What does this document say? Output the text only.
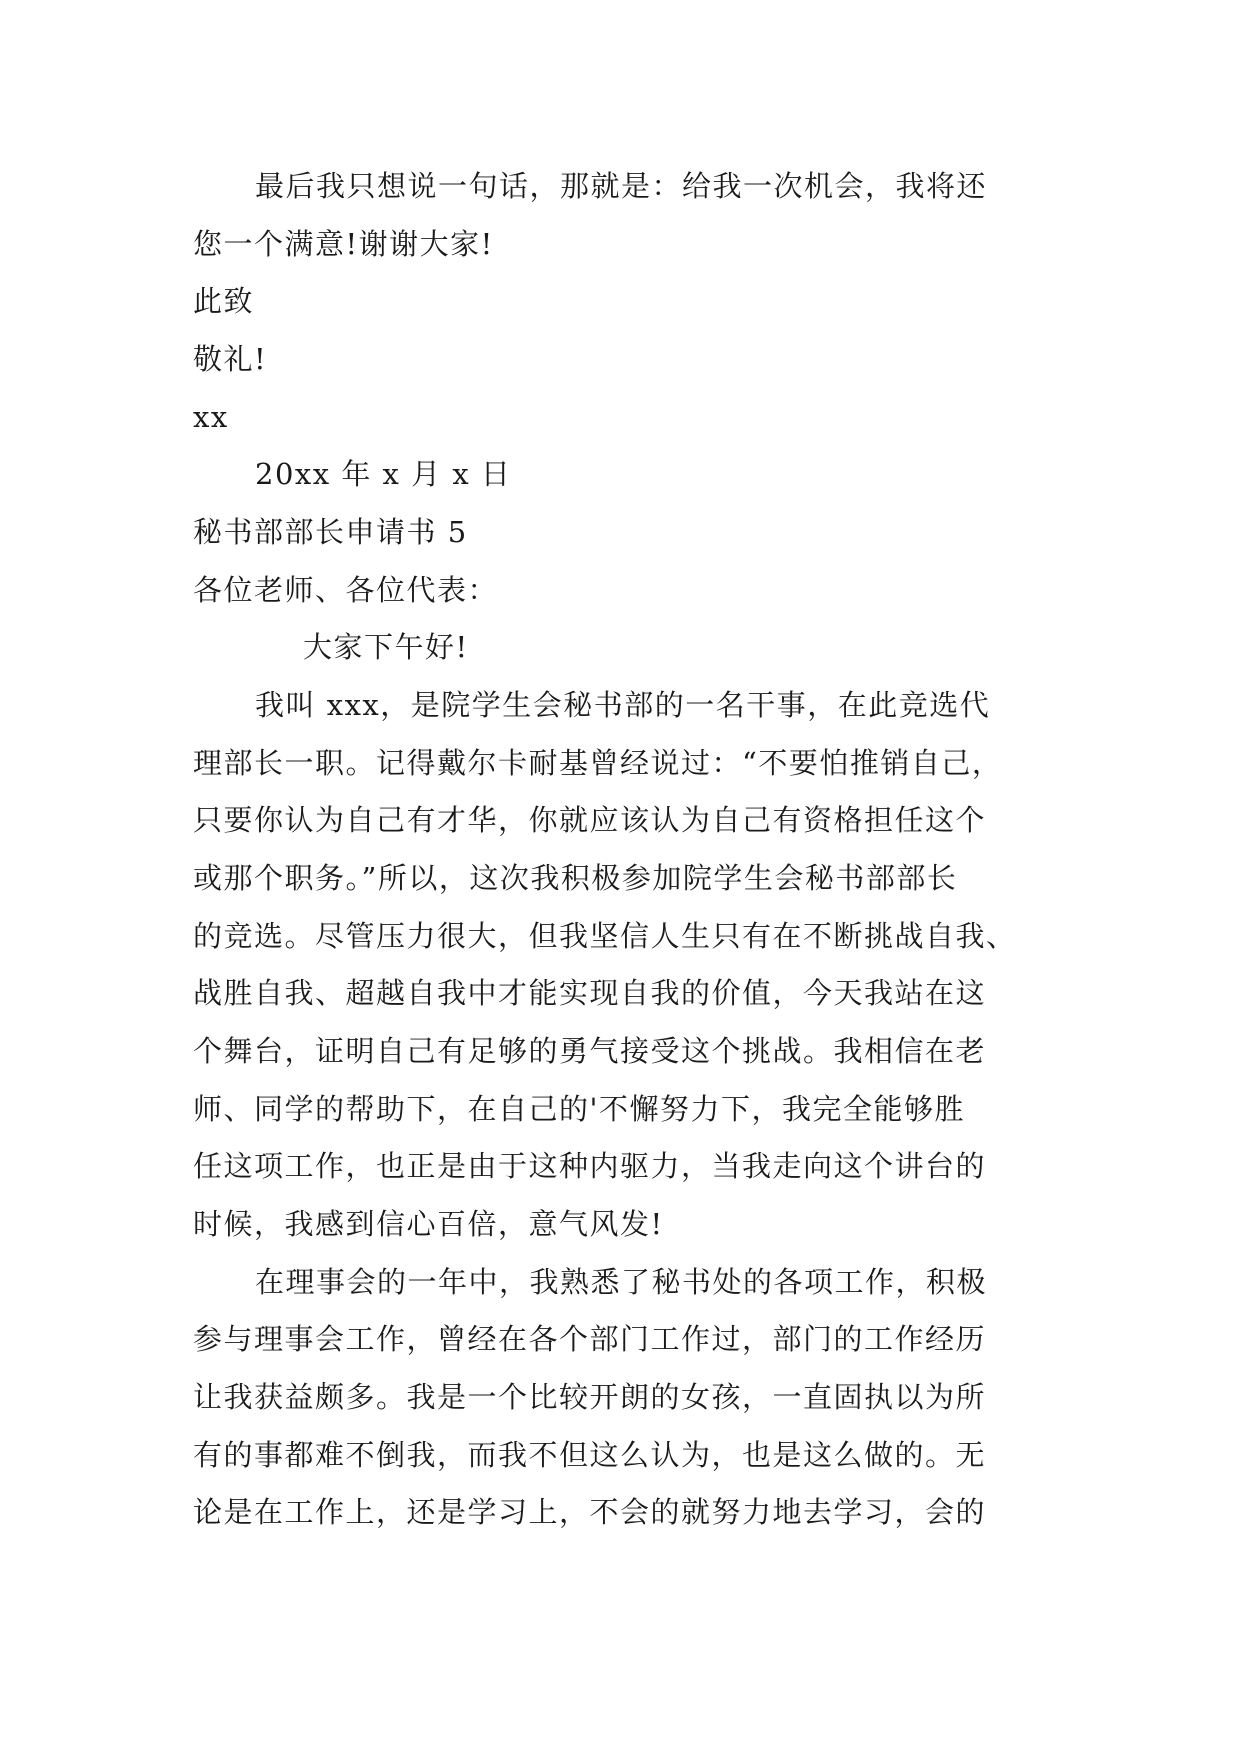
最后我只想说一句话，那就是：给我一次机会，我将还
您一个满意!谢谢大家!
此致
敬礼!
xx
20xx 年 x 月 x 日
秘书部部长申请书 5
各位老师、各位代表：
大家下午好!
我叫 xxx，是院学生会秘书部的一名干事，在此竞选代
理部长一职。记得戴尔卡耐基曾经说过：“不要怕推销自己，
只要你认为自己有才华，你就应该认为自己有资格担任这个
或那个职务。”所以，这次我积极参加院学生会秘书部部长
的竞选。尽管压力很大，但我坚信人生只有在不断挑战自我、
战胜自我、超越自我中才能实现自我的价值，今天我站在这
个舞台，证明自己有足够的勇气接受这个挑战。我相信在老
师、同学的帮助下，在自己的'不懈努力下，我完全能够胜
任这项工作，也正是由于这种内驱力，当我走向这个讲台的
时候，我感到信心百倍，意气风发!
在理事会的一年中，我熟悉了秘书处的各项工作，积极
参与理事会工作，曾经在各个部门工作过，部门的工作经历
让我获益颇多。我是一个比较开朗的女孩，一直固执以为所
有的事都难不倒我，而我不但这么认为，也是这么做的。无
论是在工作上，还是学习上，不会的就努力地去学习，会的
